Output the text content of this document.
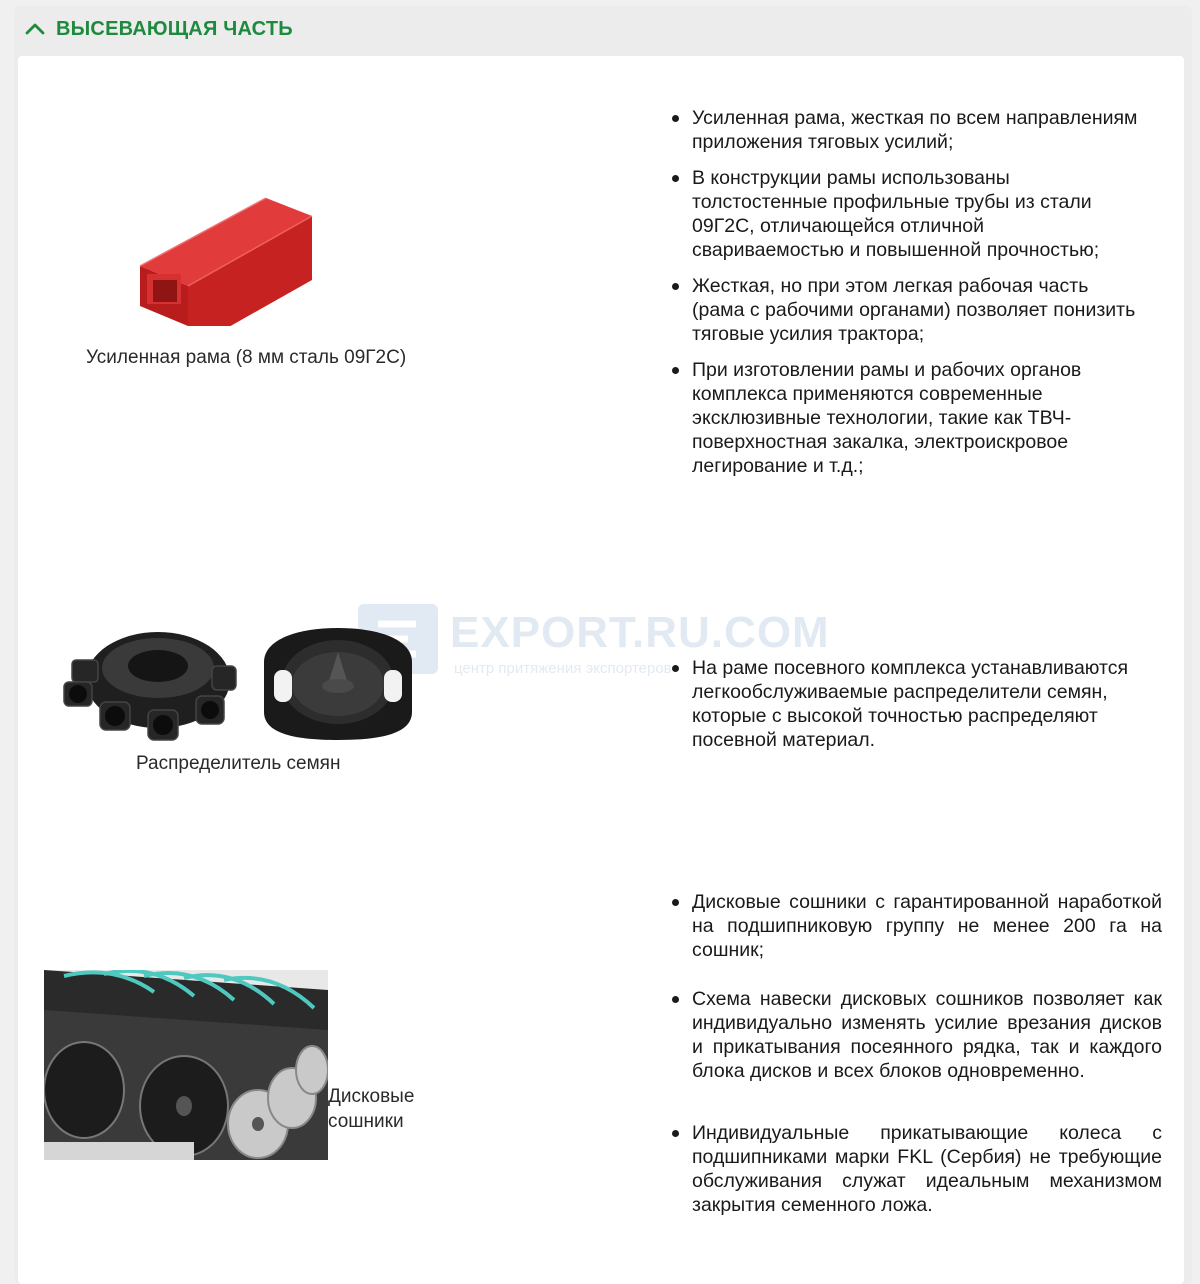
ВЫСЕВАЮЩАЯ ЧАСТЬ
Усиленная рама (8 мм сталь 09Г2С)
Усиленная рама, жесткая по всем направлениям приложения тяговых усилий;
В конструкции рамы использованы толстостенные профильные трубы из стали 09Г2С, отличающейся отличной свариваемостью и повышенной прочностью;
Жесткая, но при этом легкая рабочая часть (рама с рабочими органами) позволяет понизить тяговые усилия трактора;
При изготовлении рамы и рабочих органов комплекса применяются современные эксклюзивные технологии, такие как ТВЧ-поверхностная закалка, электроискровое легирование и т.д.;
EXPORT.RU.COM
центр притяжения экспортеров
Распределитель семян
На раме посевного комплекса устанавливаются легкообслуживаемые распределители семян, которые с высокой точностью распределяют посевной материал.
Дисковые
сошники
Дисковые сошники с гарантированной наработкой на подшипниковую группу не менее 200 га на сошник;
Схема навески дисковых сошников позволяет как индивидуально изменять усилие врезания дисков и прикатывания посеянного рядка, так и каждого блока дисков и всех блоков одновременно.
Индивидуальные прикатывающие колеса с подшипниками марки FKL (Сербия) не требующие обслуживания служат идеальным механизмом закрытия семенного ложа.
